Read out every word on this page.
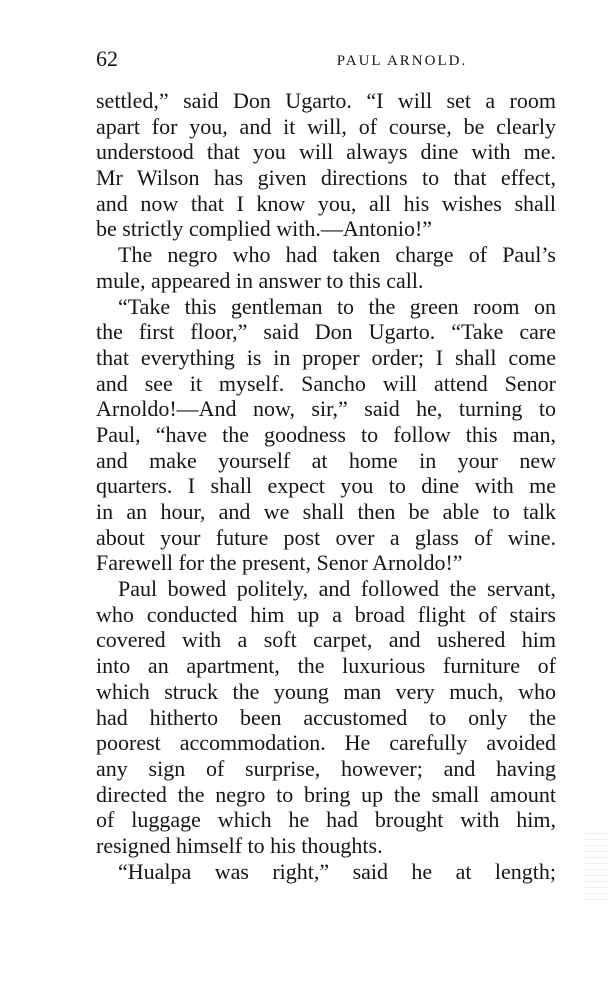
62	PAUL ARNOLD.
settled,” said Don Ugarto. “I will set a room
apart for you, and it will, of course, be clearly
understood that you will always dine with me.
Mr Wilson has given directions to that effect,
and now that I know you, all his wishes shall
be strictly complied with.—Antonio!”
The negro who had taken charge of Paul’s
mule, appeared in answer to this call.
“Take this gentleman to the green room on
the first floor,” said Don Ugarto. “Take care
that everything is in proper order; I shall come
and see it myself. Sancho will attend Senor
Arnoldo!—And now, sir,” said he, turning to
Paul, “have the goodness to follow this man,
and make yourself at home in your new
quarters. I shall expect you to dine with me
in an hour, and we shall then be able to talk
about your future post over a glass of wine.
Farewell for the present, Senor Arnoldo!”
Paul bowed politely, and followed the servant,
who conducted him up a broad flight of stairs
covered with a soft carpet, and ushered him
into an apartment, the luxurious furniture of
which struck the young man very much, who
had hitherto been accustomed to only the
poorest accommodation. He carefully avoided
any sign of surprise, however; and having
directed the negro to bring up the small amount
of luggage which he had brought with him,
resigned himself to his thoughts.
“Hualpa was right,” said he at length;
